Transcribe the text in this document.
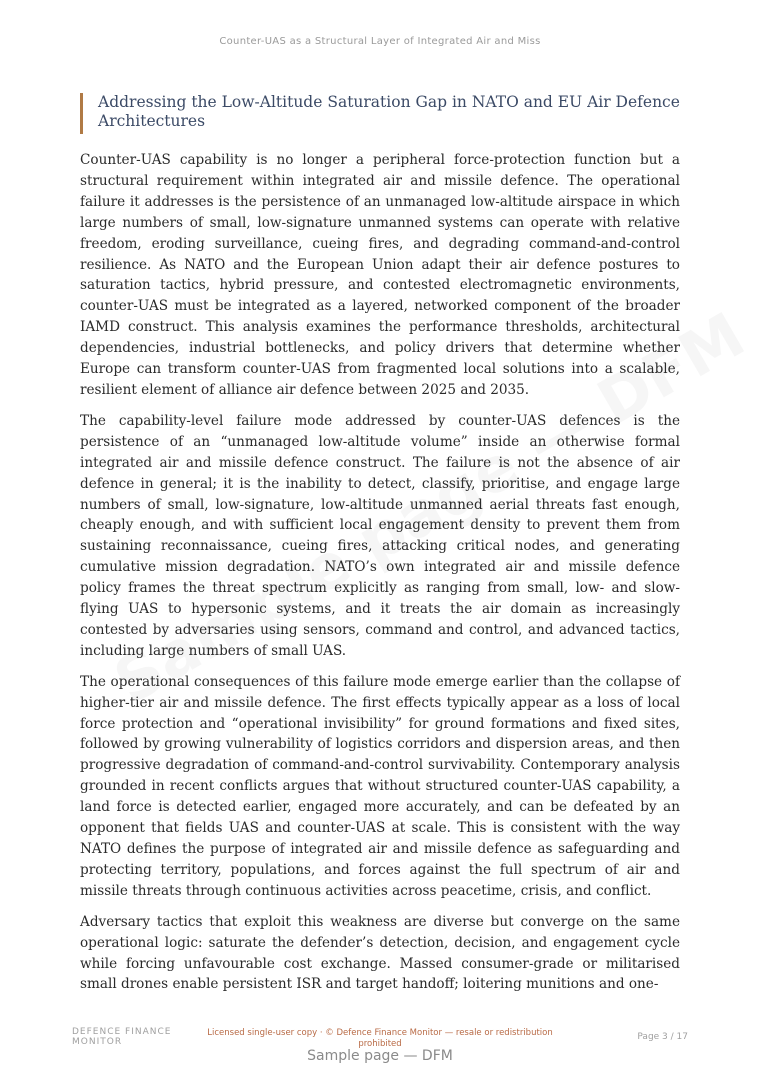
Counter-UAS as a Structural Layer of Integrated Air and Miss
Addressing the Low-Altitude Saturation Gap in NATO and EU Air Defence Architectures

Counter-UAS capability is no longer a peripheral force-protection function but a structural requirement within integrated air and missile defence. The operational failure it addresses is the persistence of an unmanaged low-altitude airspace in which large numbers of small, low-signature unmanned systems can operate with relative freedom, eroding surveillance, cueing fires, and degrading command-and-control resilience. As NATO and the European Union adapt their air defence postures to saturation tactics, hybrid pressure, and contested electromagnetic environments, counter-UAS must be integrated as a layered, networked component of the broader IAMD construct. This analysis examines the performance thresholds, architectural dependencies, industrial bottlenecks, and policy drivers that determine whether Europe can transform counter-UAS from fragmented local solutions into a scalable, resilient element of alliance air defence between 2025 and 2035.

The capability-level failure mode addressed by counter-UAS defences is the persistence of an “unmanaged low-altitude volume” inside an otherwise formal integrated air and missile defence construct. The failure is not the absence of air defence in general; it is the inability to detect, classify, prioritise, and engage large numbers of small, low-signature, low-altitude unmanned aerial threats fast enough, cheaply enough, and with sufficient local engagement density to prevent them from sustaining reconnaissance, cueing fires, attacking critical nodes, and generating cumulative mission degradation. NATO’s own integrated air and missile defence policy frames the threat spectrum explicitly as ranging from small, low- and slow-flying UAS to hypersonic systems, and it treats the air domain as increasingly contested by adversaries using sensors, command and control, and advanced tactics, including large numbers of small UAS.

The operational consequences of this failure mode emerge earlier than the collapse of higher-tier air and missile defence. The first effects typically appear as a loss of local force protection and “operational invisibility” for ground formations and fixed sites, followed by growing vulnerability of logistics corridors and dispersion areas, and then progressive degradation of command-and-control survivability. Contemporary analysis grounded in recent conflicts argues that without structured counter-UAS capability, a land force is detected earlier, engaged more accurately, and can be defeated by an opponent that fields UAS and counter-UAS at scale. This is consistent with the way NATO defines the purpose of integrated air and missile defence as safeguarding and protecting territory, populations, and forces against the full spectrum of air and missile threats through continuous activities across peacetime, crisis, and conflict.

Adversary tactics that exploit this weakness are diverse but converge on the same operational logic: saturate the defender’s detection, decision, and engagement cycle while forcing unfavourable cost exchange. Massed consumer-grade or militarised small drones enable persistent ISR and target handoff; loitering munitions and one-

DEFENCE FINANCE
MONITOR
Licensed single-user copy · © Defence Finance Monitor — resale or redistribution prohibited
Page 3 / 17
Sample page — DFM
